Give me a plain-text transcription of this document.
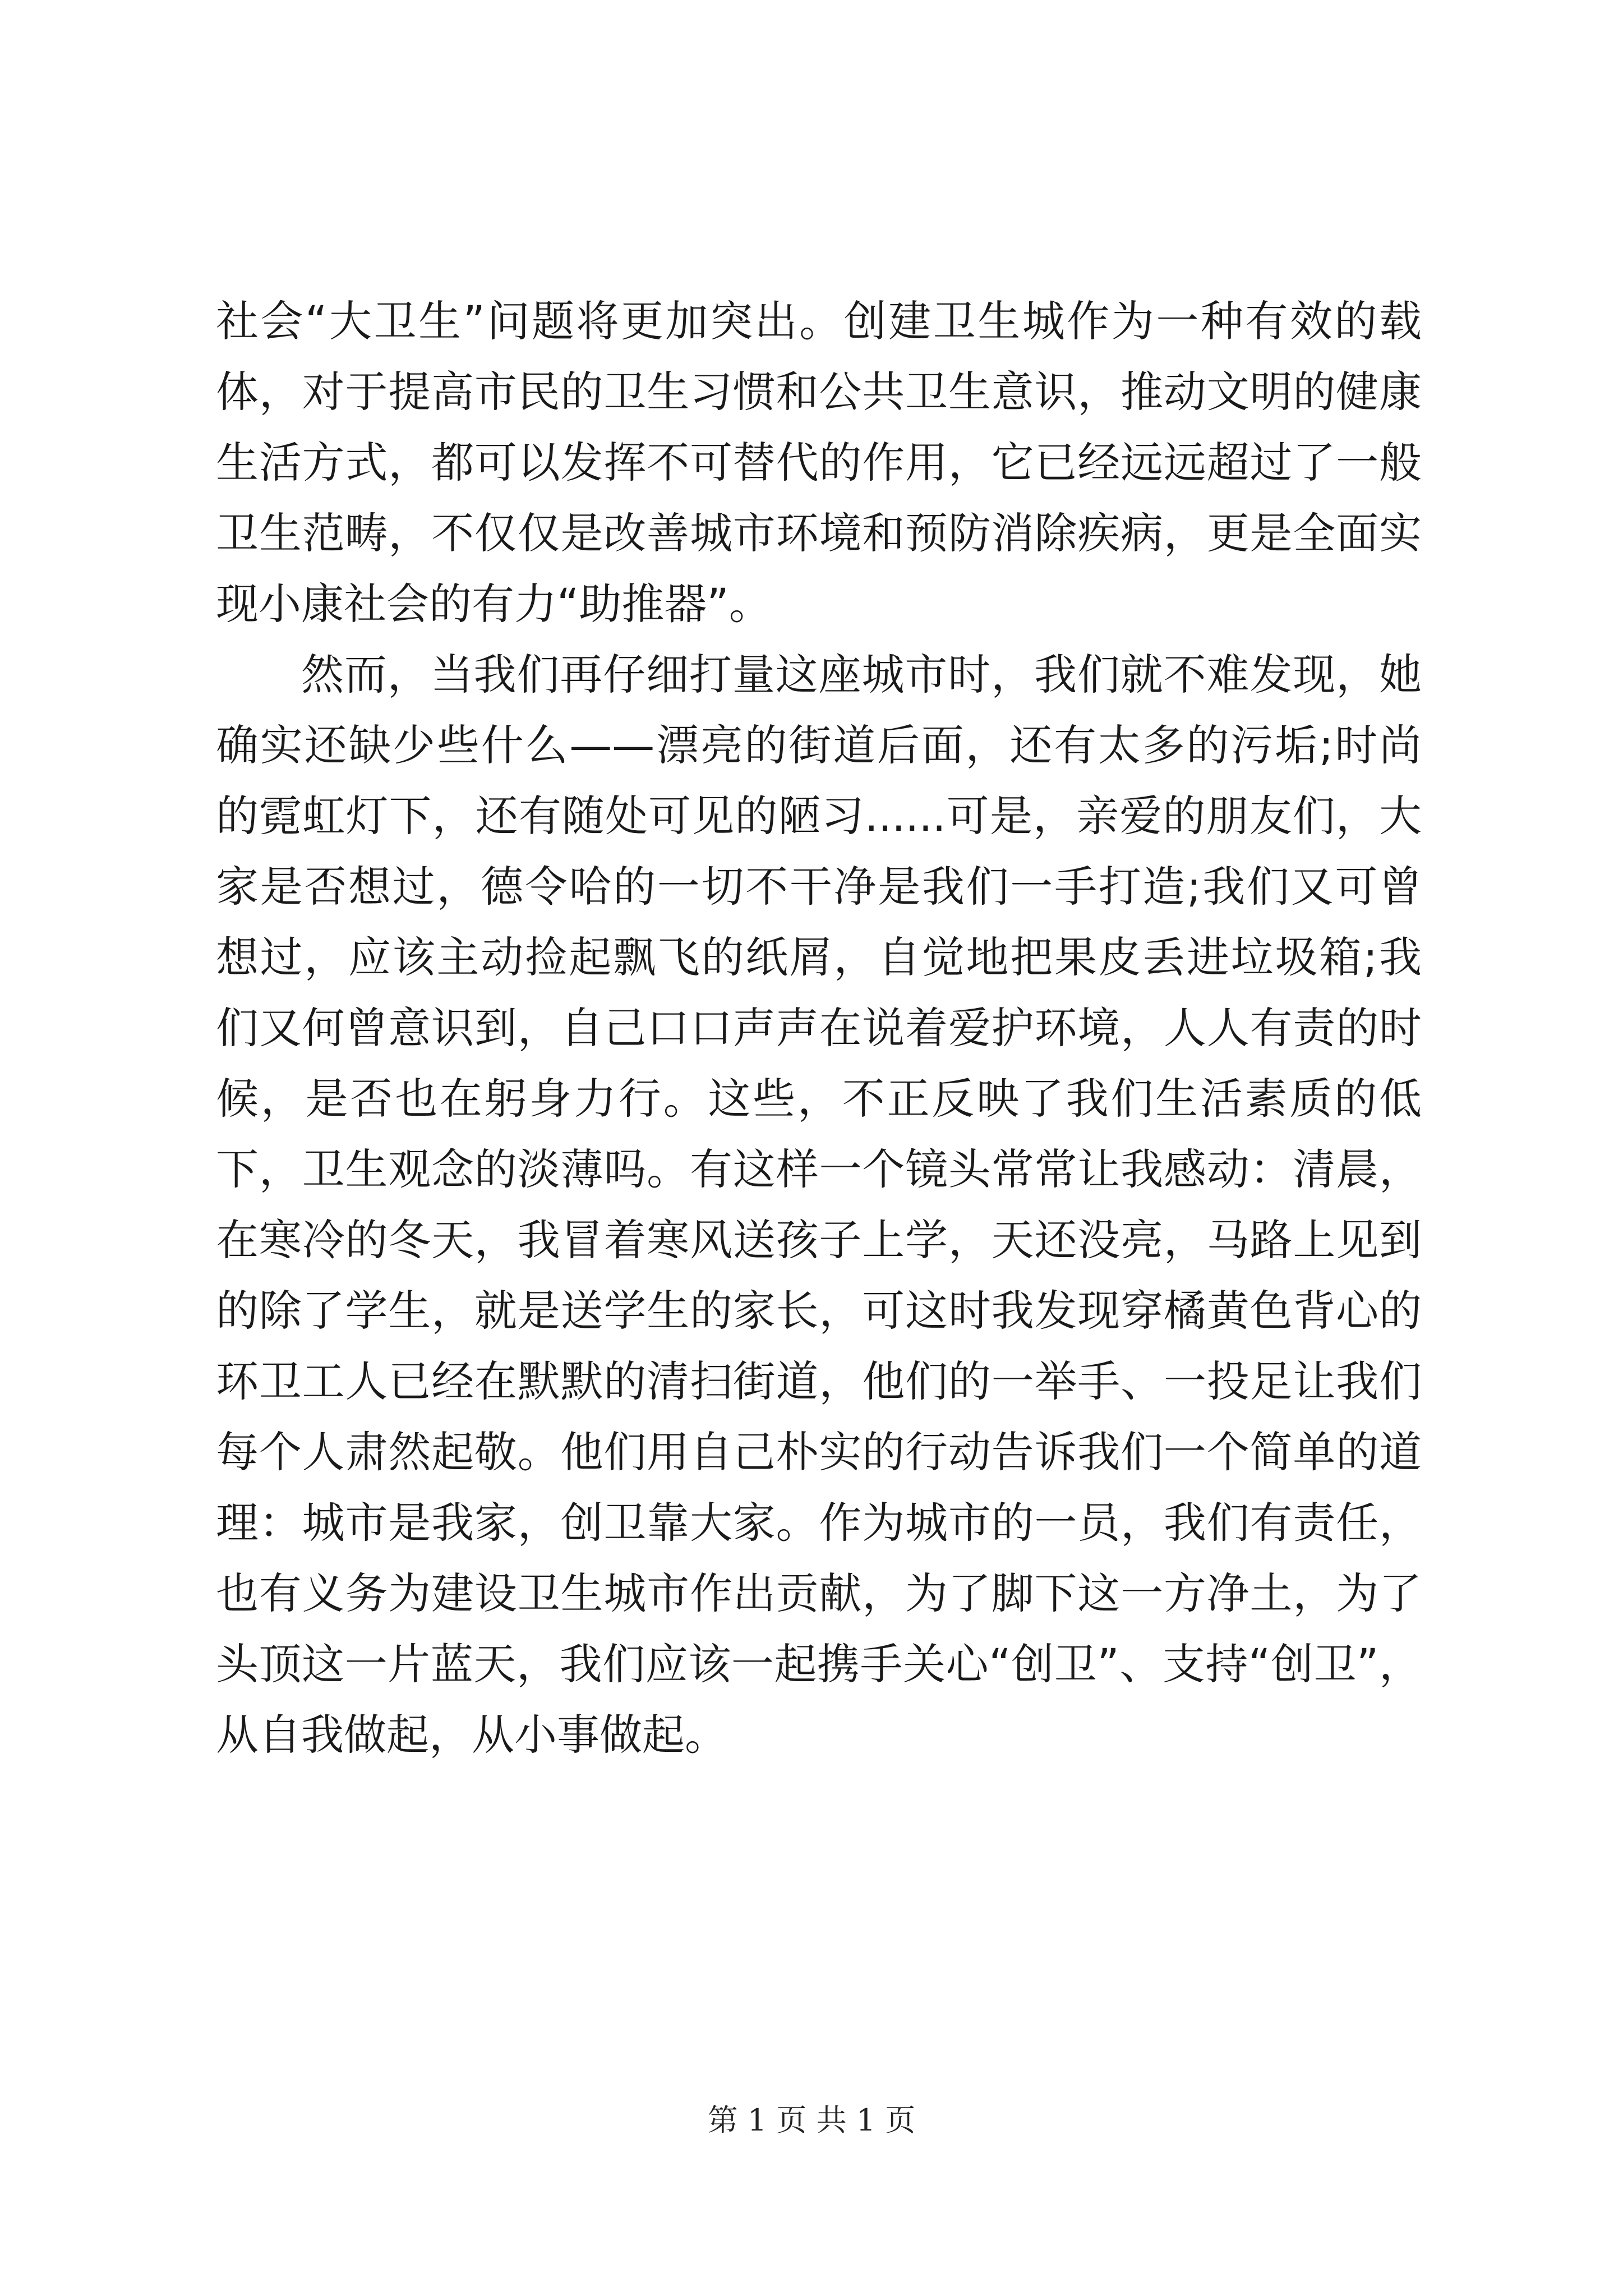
社会“大卫生”问题将更加突出。创建卫生城作为一种有效的载体，对于提高市民的卫生习惯和公共卫生意识，推动文明的健康生活方式，都可以发挥不可替代的作用，它已经远远超过了一般卫生范畴，不仅仅是改善城市环境和预防消除疾病，更是全面实现小康社会的有力“助推器”。

然而，当我们再仔细打量这座城市时，我们就不难发现，她确实还缺少些什么——漂亮的街道后面，还有太多的污垢;时尚的霓虹灯下，还有随处可见的陋习......可是，亲爱的朋友们，大家是否想过，德令哈的一切不干净是我们一手打造;我们又可曾想过，应该主动捡起飘飞的纸屑，自觉地把果皮丢进垃圾箱;我们又何曾意识到，自己口口声声在说着爱护环境，人人有责的时候，是否也在躬身力行。这些，不正反映了我们生活素质的低下，卫生观念的淡薄吗。有这样一个镜头常常让我感动：清晨，在寒冷的冬天，我冒着寒风送孩子上学，天还没亮，马路上见到的除了学生，就是送学生的家长，可这时我发现穿橘黄色背心的环卫工人已经在默默的清扫街道，他们的一举手、一投足让我们每个人肃然起敬。他们用自己朴实的行动告诉我们一个简单的道理：城市是我家，创卫靠大家。作为城市的一员，我们有责任，也有义务为建设卫生城市作出贡献，为了脚下这一方净土，为了头顶这一片蓝天，我们应该一起携手关心“创卫”、支持“创卫”，从自我做起，从小事做起。

第 1 页 共 1 页
